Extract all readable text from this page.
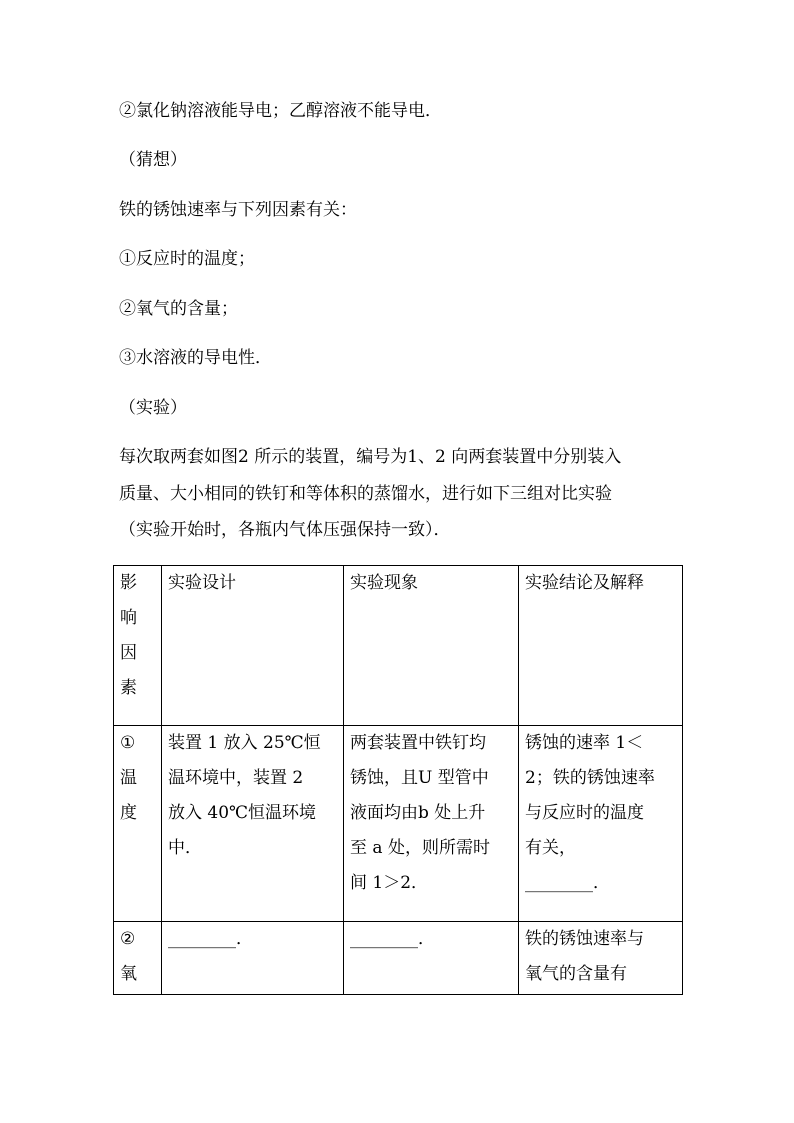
②氯化钠溶液能导电；乙醇溶液不能导电．
（猜想）
铁的锈蚀速率与下列因素有关：
①反应时的温度；
②氧气的含量；
③水溶液的导电性．
（实验）
每次取两套如图2 所示的装置，编号为1、2 向两套装置中分别装入
质量、大小相同的铁钉和等体积的蒸馏水，进行如下三组对比实验
（实验开始时，各瓶内气体压强保持一致）．
影
响
因
素	实验设计	实验现象	实验结论及解释

①
温
度	装置 1 放入 25℃恒
温环境中，装置 2
放入 40℃恒温环境
中．	两套装置中铁钉均
锈蚀，且U 型管中
液面均由b 处上升
至 a 处，则所需时
间 1＞2．	锈蚀的速率 1＜
2；铁的锈蚀速率
与反应时的温度
有关，
________．

②
氧	________．	________．	铁的锈蚀速率与
氧气的含量有
